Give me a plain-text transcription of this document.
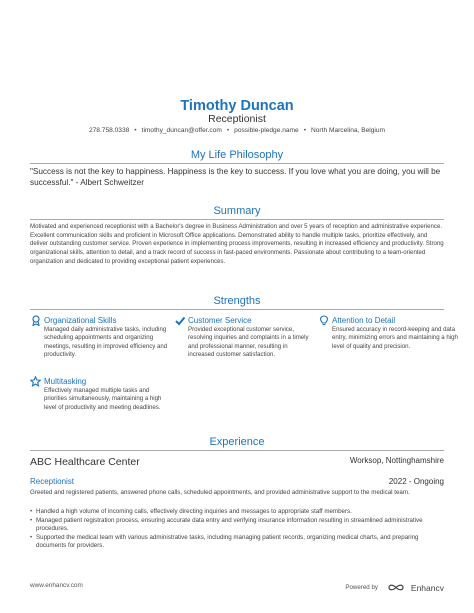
Timothy Duncan
Receptionist
278.758.0338 • timothy_duncan@offer.com • possible-pledge.name • North Marcelina, Belgium
My Life Philosophy
"Success is not the key to happiness. Happiness is the key to success. If you love what you are doing, you will be successful." - Albert Schweitzer
Summary
Motivated and experienced receptionist with a Bachelor's degree in Business Administration and over 5 years of reception and administrative experience. Excellent communication skills and proficient in Microsoft Office applications. Demonstrated ability to handle multiple tasks, prioritize effectively, and deliver outstanding customer service. Proven experience in implementing process improvements, resulting in increased efficiency and productivity. Strong organizational skills, attention to detail, and a track record of success in fast-paced environments. Passionate about contributing to a team-oriented organization and dedicated to providing exceptional patient experiences.
Strengths
Organizational Skills
Managed daily administrative tasks, including scheduling appointments and organizing meetings, resulting in improved efficiency and productivity.
Customer Service
Provided exceptional customer service, resolving inquiries and complaints in a timely and professional manner, resulting in increased customer satisfaction.
Attention to Detail
Ensured accuracy in record-keeping and data entry, minimizing errors and maintaining a high level of quality and precision.
Multitasking
Effectively managed multiple tasks and priorities simultaneously, maintaining a high level of productivity and meeting deadlines.
Experience
ABC Healthcare Center	Worksop, Nottinghamshire
Receptionist	2022 - Ongoing
Greeted and registered patients, answered phone calls, scheduled appointments, and provided administrative support to the medical team.
• Handled a high volume of incoming calls, effectively directing inquiries and messages to appropriate staff members.
• Managed patient registration process, ensuring accurate data entry and verifying insurance information resulting in streamlined administrative procedures.
• Supported the medical team with various administrative tasks, including managing patient records, organizing medical charts, and preparing documents for providers.
www.enhancv.com	Powered by	Enhancv
